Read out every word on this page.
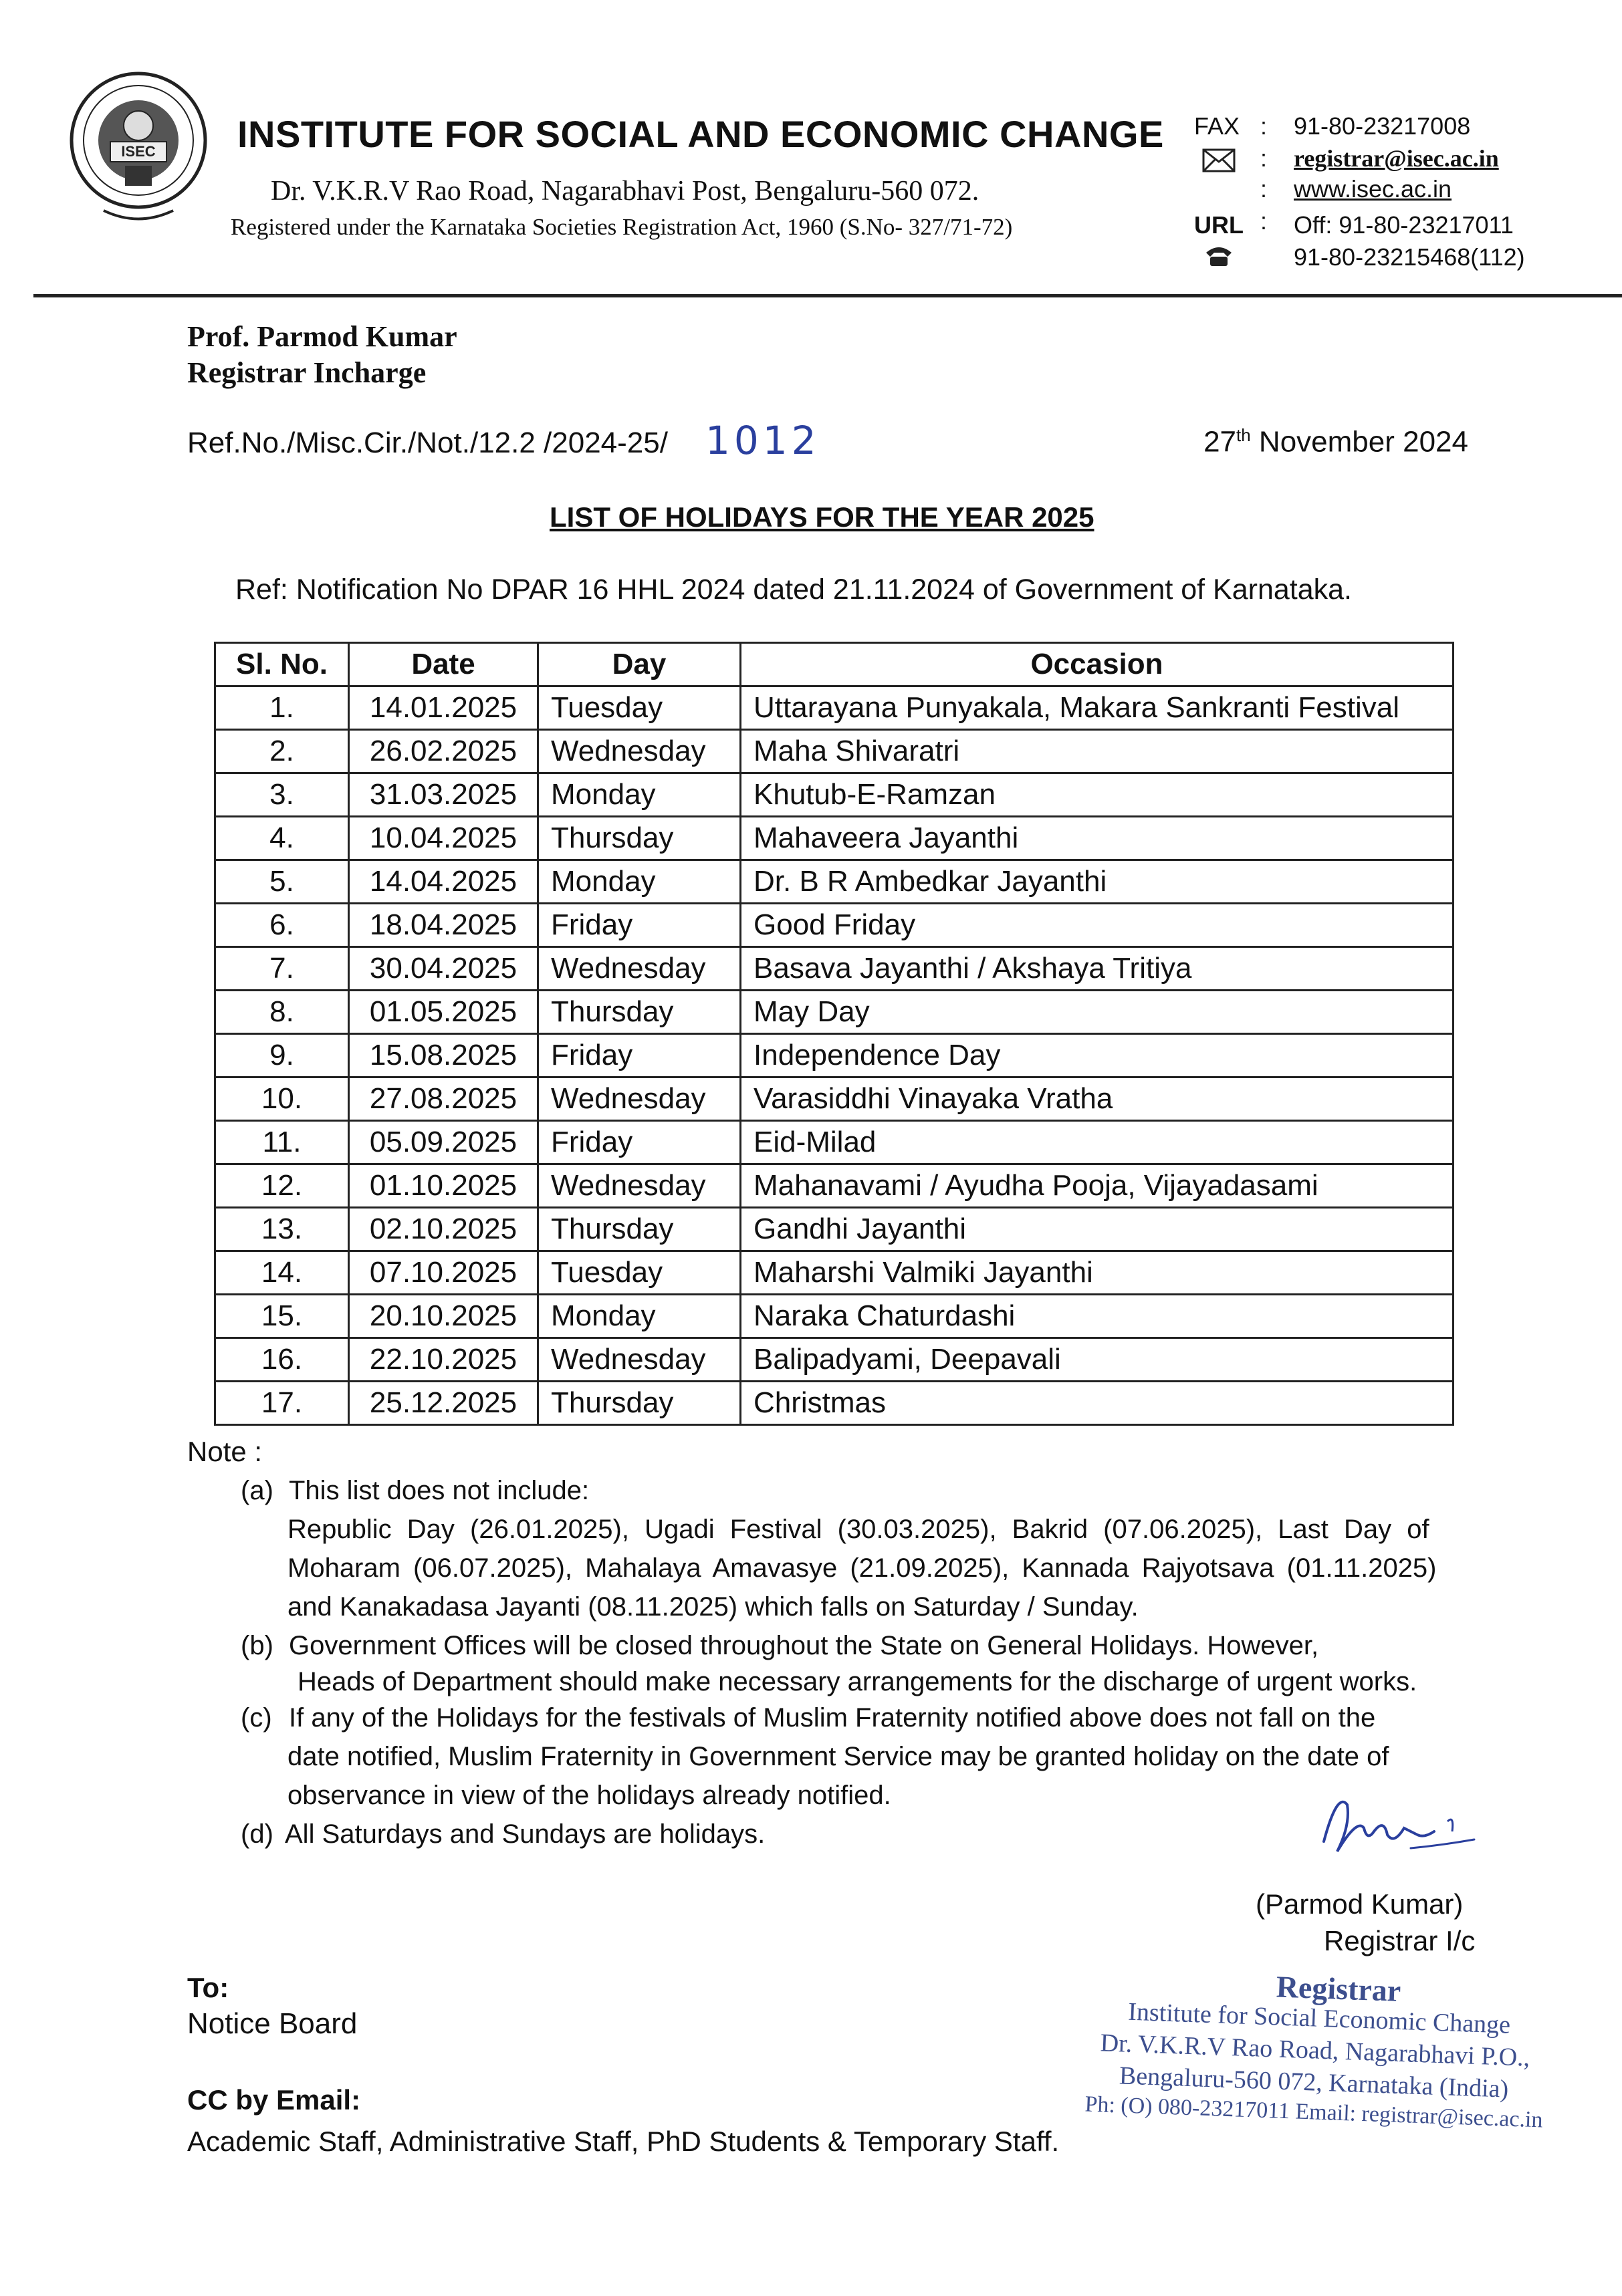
ISEC INSTITUTE FOR SOCIAL AND ECONOMIC CHANGE
Dr. V.K.R.V Rao Road, Nagarabhavi Post, Bengaluru-560 072.
Registered under the Karnataka Societies Registration Act, 1960 (S.No- 327/71-72)
FAX : 91-80-23217008
: registrar@isec.ac.in
: www.isec.ac.in
URL : Off: 91-80-23217011
91-80-23215468(112)
Prof. Parmod Kumar
Registrar Incharge
Ref.No./Misc.Cir./Not./12.2 /2024-25/ 1012	27th November 2024
LIST OF HOLIDAYS FOR THE YEAR 2025
Ref: Notification No DPAR 16 HHL 2024 dated 21.11.2024 of Government of Karnataka.
Sl. No.	Date	Day	Occasion
1.	14.01.2025	Tuesday	Uttarayana Punyakala, Makara Sankranti Festival
2.	26.02.2025	Wednesday	Maha Shivaratri
3.	31.03.2025	Monday	Khutub-E-Ramzan
4.	10.04.2025	Thursday	Mahaveera Jayanthi
5.	14.04.2025	Monday	Dr. B R Ambedkar Jayanthi
6.	18.04.2025	Friday	Good Friday
7.	30.04.2025	Wednesday	Basava Jayanthi / Akshaya Tritiya
8.	01.05.2025	Thursday	May Day
9.	15.08.2025	Friday	Independence Day
10.	27.08.2025	Wednesday	Varasiddhi Vinayaka Vratha
11.	05.09.2025	Friday	Eid-Milad
12.	01.10.2025	Wednesday	Mahanavami / Ayudha Pooja, Vijayadasami
13.	02.10.2025	Thursday	Gandhi Jayanthi
14.	07.10.2025	Tuesday	Maharshi Valmiki Jayanthi
15.	20.10.2025	Monday	Naraka Chaturdashi
16.	22.10.2025	Wednesday	Balipadyami, Deepavali
17.	25.12.2025	Thursday	Christmas
Note :
(a) This list does not include:
Republic Day (26.01.2025), Ugadi Festival (30.03.2025), Bakrid (07.06.2025), Last Day of
Moharam (06.07.2025), Mahalaya Amavasye (21.09.2025), Kannada Rajyotsava (01.11.2025)
and Kanakadasa Jayanti (08.11.2025) which falls on Saturday / Sunday.
(b) Government Offices will be closed throughout the State on General Holidays. However,
Heads of Department should make necessary arrangements for the discharge of urgent works.
(c) If any of the Holidays for the festivals of Muslim Fraternity notified above does not fall on the
date notified, Muslim Fraternity in Government Service may be granted holiday on the date of
observance in view of the holidays already notified.
(d) All Saturdays and Sundays are holidays.
(Parmod Kumar)
Registrar I/c
Registrar
Institute for Social Economic Change
Dr. V.K.R.V Rao Road, Nagarabhavi P.O.,
Bengaluru-560 072, Karnataka (India)
Ph: (O) 080-23217011 Email: registrar@isec.ac.in
To:
Notice Board
CC by Email:
Academic Staff, Administrative Staff, PhD Students & Temporary Staff.
